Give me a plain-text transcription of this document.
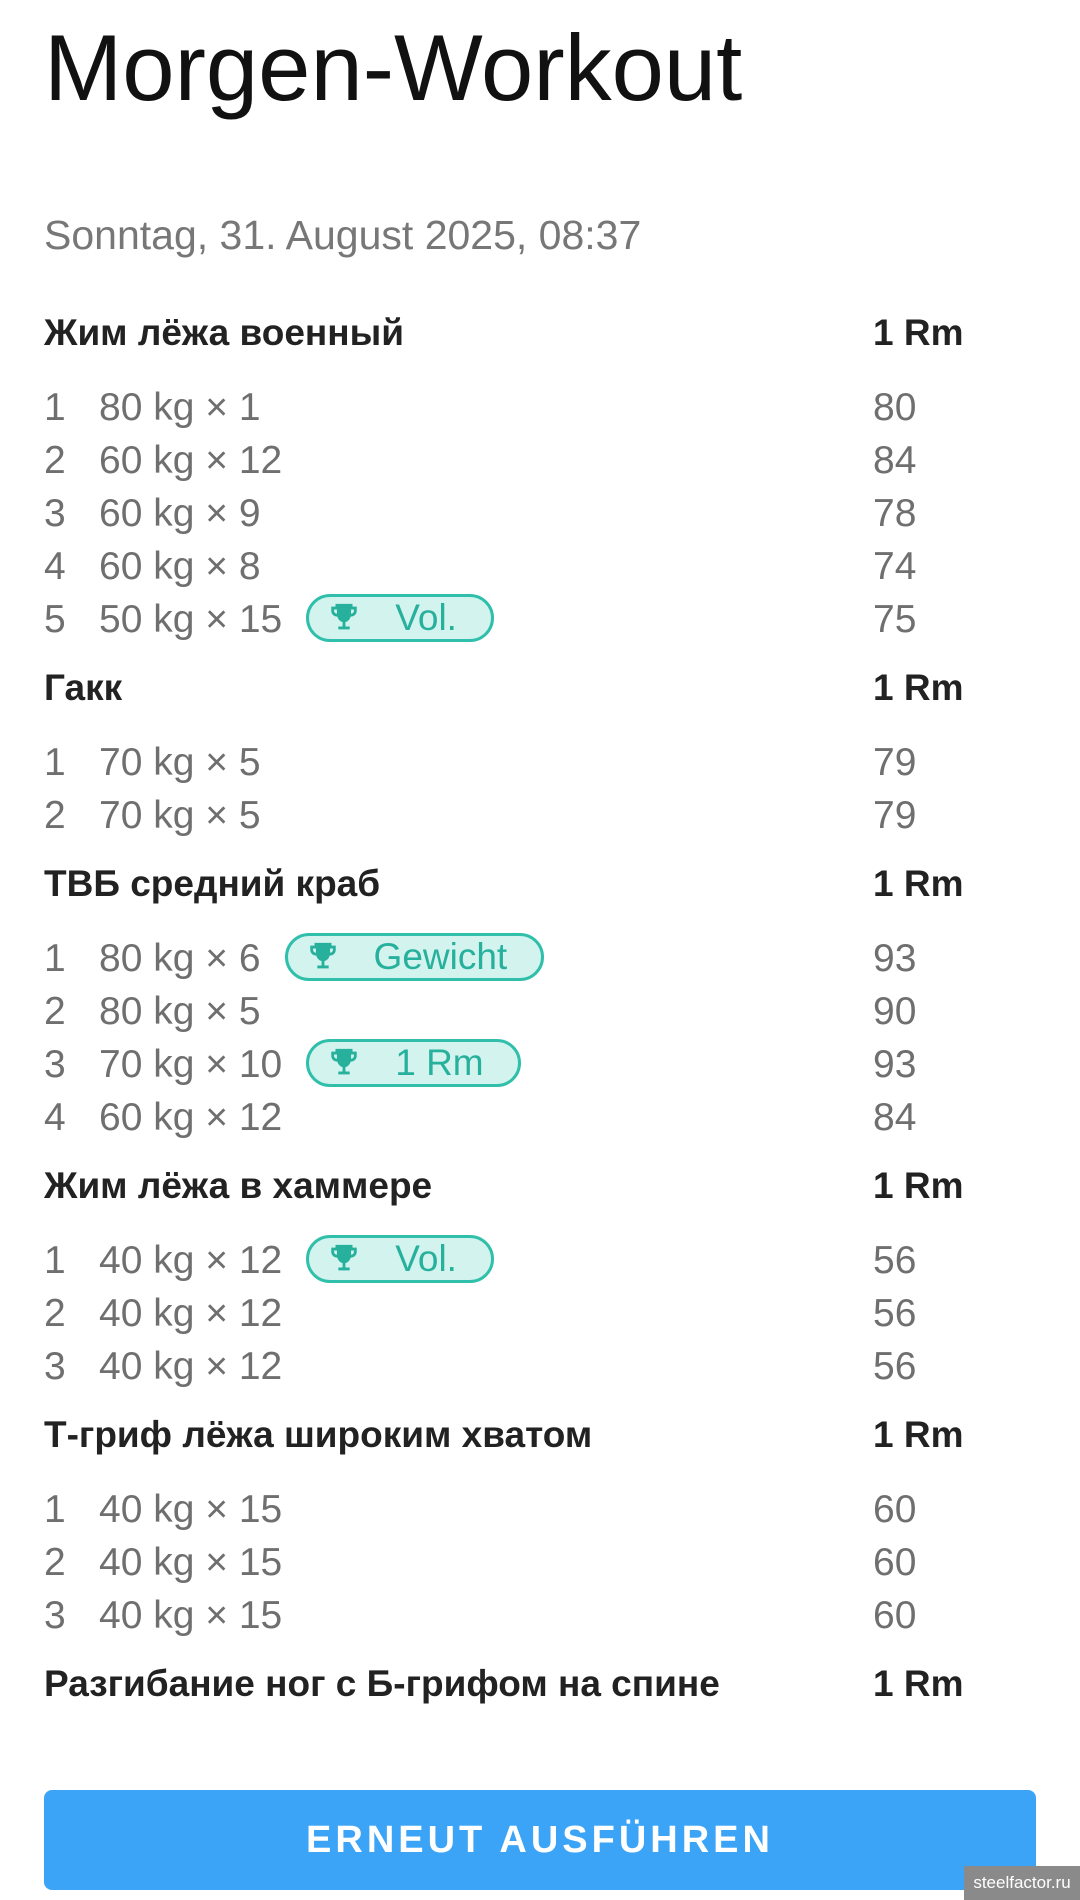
Morgen-Workout
Sonntag, 31. August 2025, 08:37
Жим лёжа военный	1 Rm
1 80 kg × 1	80
2 60 kg × 12	84
3 60 kg × 9	78
4 60 kg × 8	74
5 50 kg × 15	Vol.	75
Гакк	1 Rm
1 70 kg × 5	79
2 70 kg × 5	79
ТВБ средний краб	1 Rm
1 80 kg × 6	Gewicht	93
2 80 kg × 5	90
3 70 kg × 10	1 Rm	93
4 60 kg × 12	84
Жим лёжа в хаммере	1 Rm
1 40 kg × 12	Vol.	56
2 40 kg × 12	56
3 40 kg × 12	56
Т-гриф лёжа широким хватом	1 Rm
1 40 kg × 15	60
2 40 kg × 15	60
3 40 kg × 15	60
Разгибание ног с Б-грифом на спине	1 Rm
ERNEUT AUSFÜHREN
steelfactor.ru
